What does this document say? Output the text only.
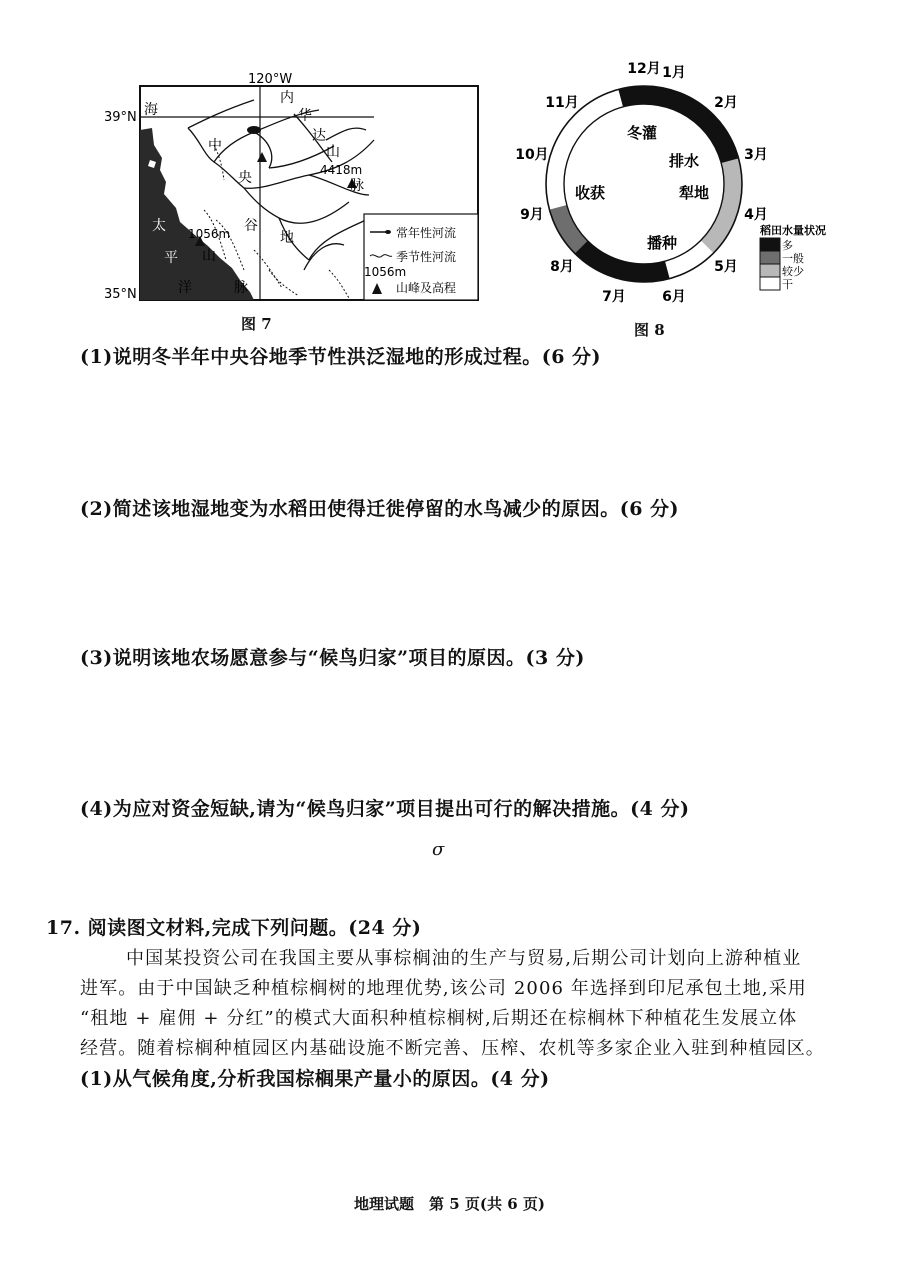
120°W
39°N
35°N
海
岸
太
平
洋
中
央
谷
地
内
华
达
山
脉
山
脉
4418m
1056m	常年性河流
季节性河流
1056m
山峰及高程
图 7
1月
2月
3月
4月
5月
6月
7月
8月
9月
10月
11月
12月
冬灌
排水
犁地
收获
播种
稻田水量状况
多
一般
较少
干
图 8
(1)说明冬半年中央谷地季节性洪泛湿地的形成过程。(6 分)
(2)简述该地湿地变为水稻田使得迁徙停留的水鸟减少的原因。(6 分)
(3)说明该地农场愿意参与“候鸟归家”项目的原因。(3 分)
(4)为应对资金短缺,请为“候鸟归家”项目提出可行的解决措施。(4 分)
σ
17. 阅读图文材料,完成下列问题。(24 分)
中国某投资公司在我国主要从事棕榈油的生产与贸易,后期公司计划向上游种植业
进军。由于中国缺乏种植棕榈树的地理优势,该公司 2006 年选择到印尼承包土地,采用
“租地 + 雇佣 + 分红”的模式大面积种植棕榈树,后期还在棕榈林下种植花生发展立体
经营。随着棕榈种植园区内基础设施不断完善、压榨、农机等多家企业入驻到种植园区。
(1)从气候角度,分析我国棕榈果产量小的原因。(4 分)
地理试题　第 5 页(共 6 页)
